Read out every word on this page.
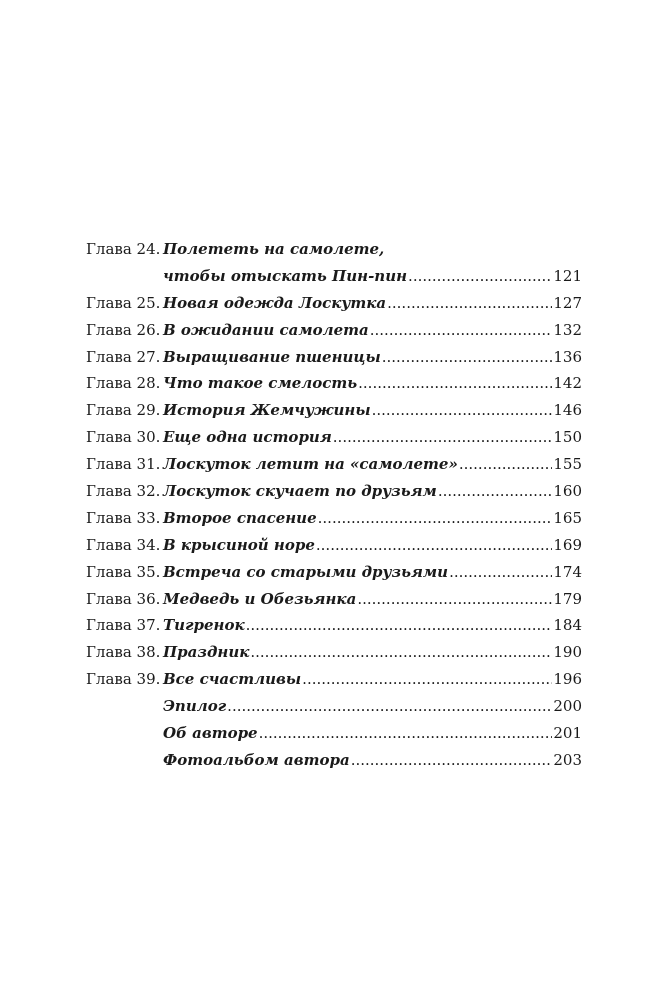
Глава 24. Полететь на самолете,
чтобы отыскать Пин-пин .....	121
Глава 25. Новая одежда Лоскутка .....	127
Глава 26. В ожидании самолета .....	132
Глава 27. Выращивание пшеницы .....	136
Глава 28. Что такое смелость .....	142
Глава 29. История Жемчужины .....	146
Глава 30. Еще одна история .....	150
Глава 31. Лоскуток летит на «самолете» .....	155
Глава 32. Лоскуток скучает по друзьям .....	160
Глава 33. Второе спасение .....	165
Глава 34. В крысиной норе .....	169
Глава 35. Встреча со старыми друзьями .....	174
Глава 36. Медведь и Обезьянка .....	179
Глава 37. Тигренок .....	184
Глава 38. Праздник .....	190
Глава 39. Все счастливы .....	196
Эпилог .....	200
Об авторе .....	201
Фотоальбом автора .....	203
